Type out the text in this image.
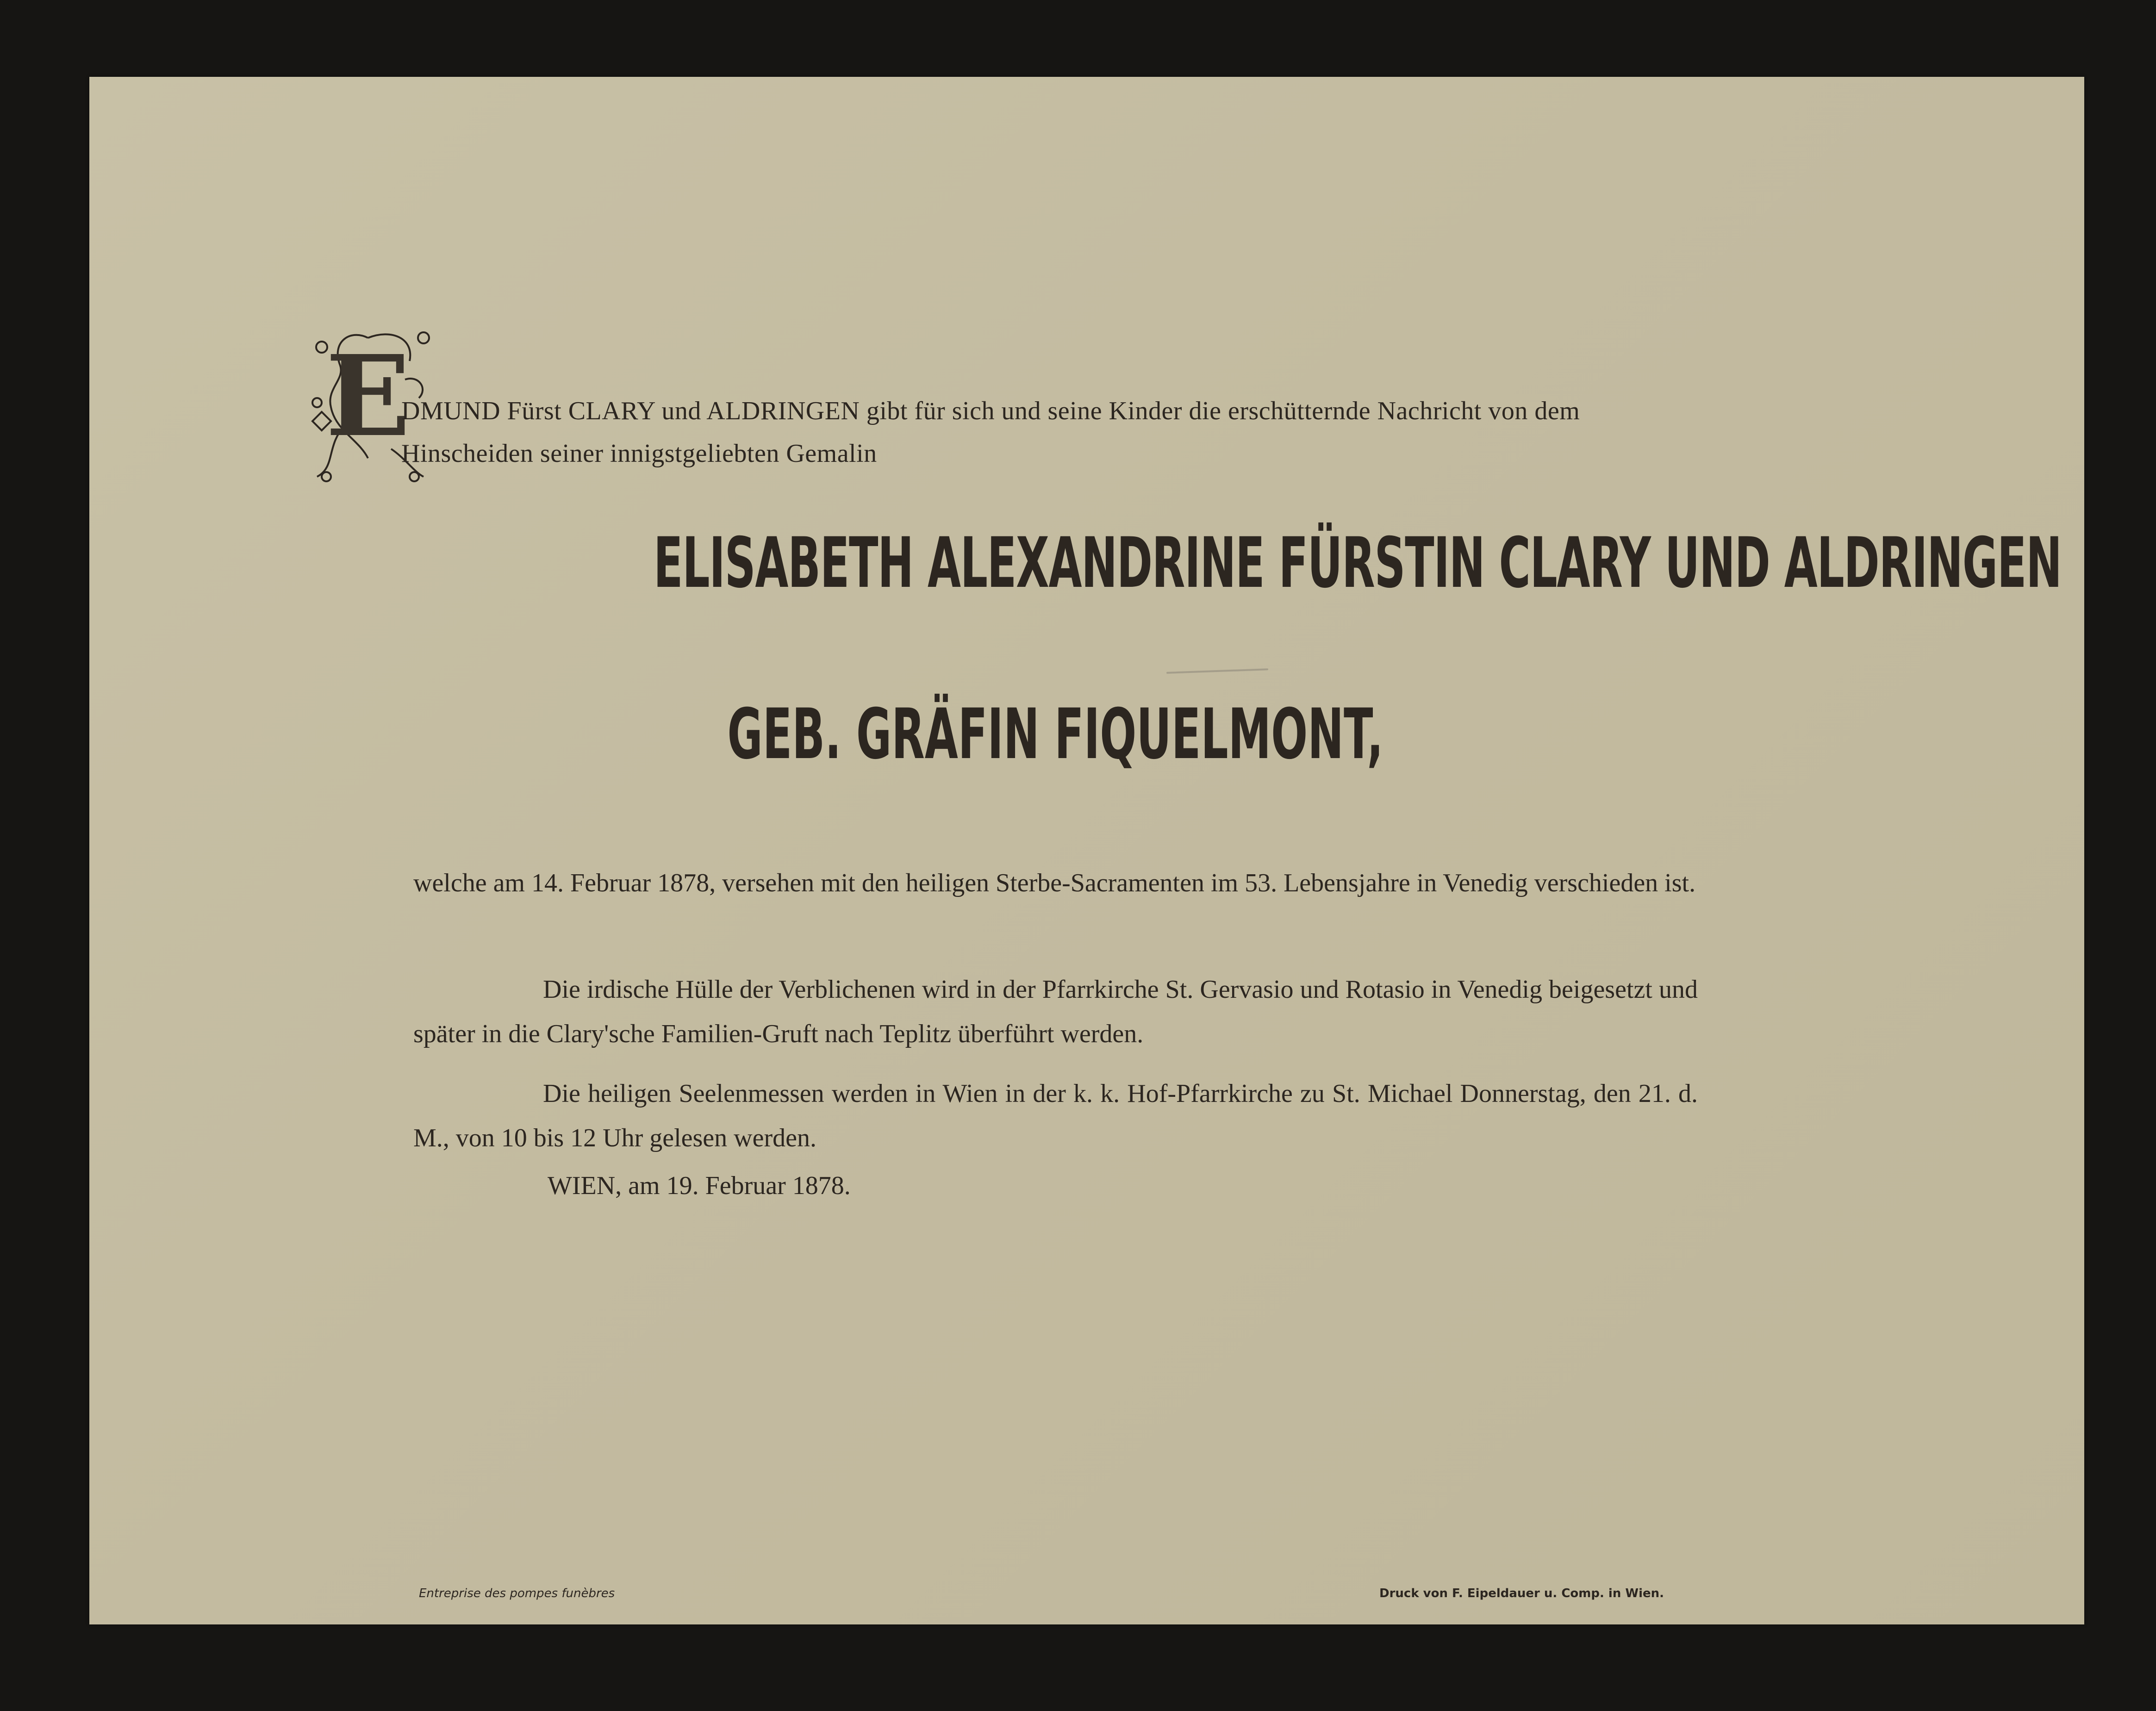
E
DMUND Fürst CLARY und ALDRINGEN gibt für sich und seine Kinder die erschütternde Nachricht von dem
Hinscheiden seiner innigstgeliebten Gemalin
ELISABETH ALEXANDRINE FÜRSTIN CLARY UND ALDRINGEN
GEB. GRÄFIN FIQUELMONT,
welche am 14. Februar 1878, versehen mit den heiligen Sterbe-Sacramenten im 53. Lebensjahre in Venedig verschieden ist.
Die irdische Hülle der Verblichenen wird in der Pfarrkirche St. Gervasio und Rotasio in Venedig beigesetzt und später in die Clary'sche Familien-Gruft nach Teplitz überführt werden.
Die heiligen Seelenmessen werden in Wien in der k. k. Hof-Pfarrkirche zu St. Michael Donnerstag, den 21. d. M., von 10 bis 12 Uhr gelesen werden.
WIEN, am 19. Februar 1878.
Entreprise des pompes funèbres	Druck von F. Eipeldauer u. Comp. in Wien.
